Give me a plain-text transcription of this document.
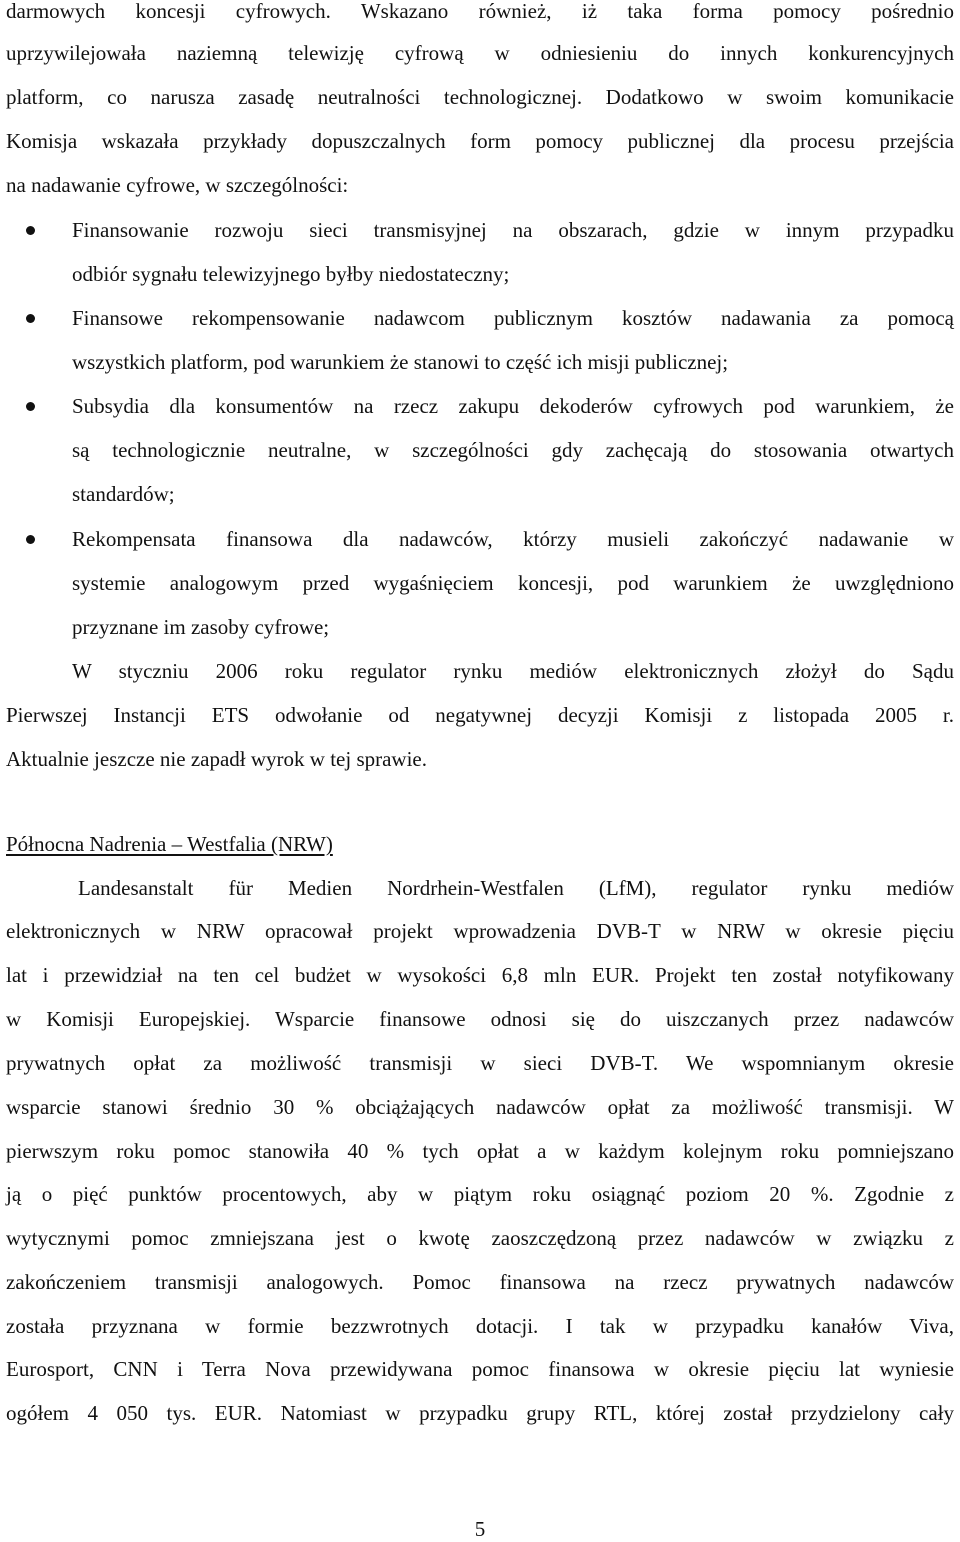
darmowych koncesji cyfrowych. Wskazano również, iż taka forma pomocy pośrednio
uprzywilejowała naziemną telewizję cyfrową w odniesieniu do innych konkurencyjnych
platform, co narusza zasadę neutralności technologicznej. Dodatkowo w swoim komunikacie
Komisja wskazała przykłady dopuszczalnych form pomocy publicznej dla procesu przejścia
na nadawanie cyfrowe, w szczególności:
Finansowanie rozwoju sieci transmisyjnej na obszarach, gdzie w innym przypadku
odbiór sygnału telewizyjnego byłby niedostateczny;
Finansowe rekompensowanie nadawcom publicznym kosztów nadawania za pomocą
wszystkich platform, pod warunkiem że stanowi to część ich misji publicznej;
Subsydia dla konsumentów na rzecz zakupu dekoderów cyfrowych pod warunkiem, że
są technologicznie neutralne, w szczególności gdy zachęcają do stosowania otwartych
standardów;
Rekompensata finansowa dla nadawców, którzy musieli zakończyć nadawanie w
systemie analogowym przed wygaśnięciem koncesji, pod warunkiem że uwzględniono
przyznane im zasoby cyfrowe;
W styczniu 2006 roku regulator rynku mediów elektronicznych złożył do Sądu
Pierwszej Instancji ETS odwołanie od negatywnej decyzji Komisji z listopada 2005 r.
Aktualnie jeszcze nie zapadł wyrok w tej sprawie.
Północna Nadrenia – Westfalia (NRW)
Landesanstalt für Medien Nordrhein-Westfalen (LfM), regulator rynku mediów
elektronicznych w NRW opracował projekt wprowadzenia DVB-T w NRW w okresie pięciu
lat i przewidział na ten cel budżet w wysokości 6,8 mln EUR. Projekt ten został notyfikowany
w Komisji Europejskiej. Wsparcie finansowe odnosi się do uiszczanych przez nadawców
prywatnych opłat za możliwość transmisji w sieci DVB-T. We wspomnianym okresie
wsparcie stanowi średnio 30 % obciążających nadawców opłat za możliwość transmisji. W
pierwszym roku pomoc stanowiła 40 % tych opłat a w każdym kolejnym roku pomniejszano
ją o pięć punktów procentowych, aby w piątym roku osiągnąć poziom 20 %. Zgodnie z
wytycznymi pomoc zmniejszana jest o kwotę zaoszczędzoną przez nadawców w związku z
zakończeniem transmisji analogowych. Pomoc finansowa na rzecz prywatnych nadawców
została przyznana w formie bezzwrotnych dotacji. I tak w przypadku kanałów Viva,
Eurosport, CNN i Terra Nova przewidywana pomoc finansowa w okresie pięciu lat wyniesie
ogółem 4 050 tys. EUR. Natomiast w przypadku grupy RTL, której został przydzielony cały
5
